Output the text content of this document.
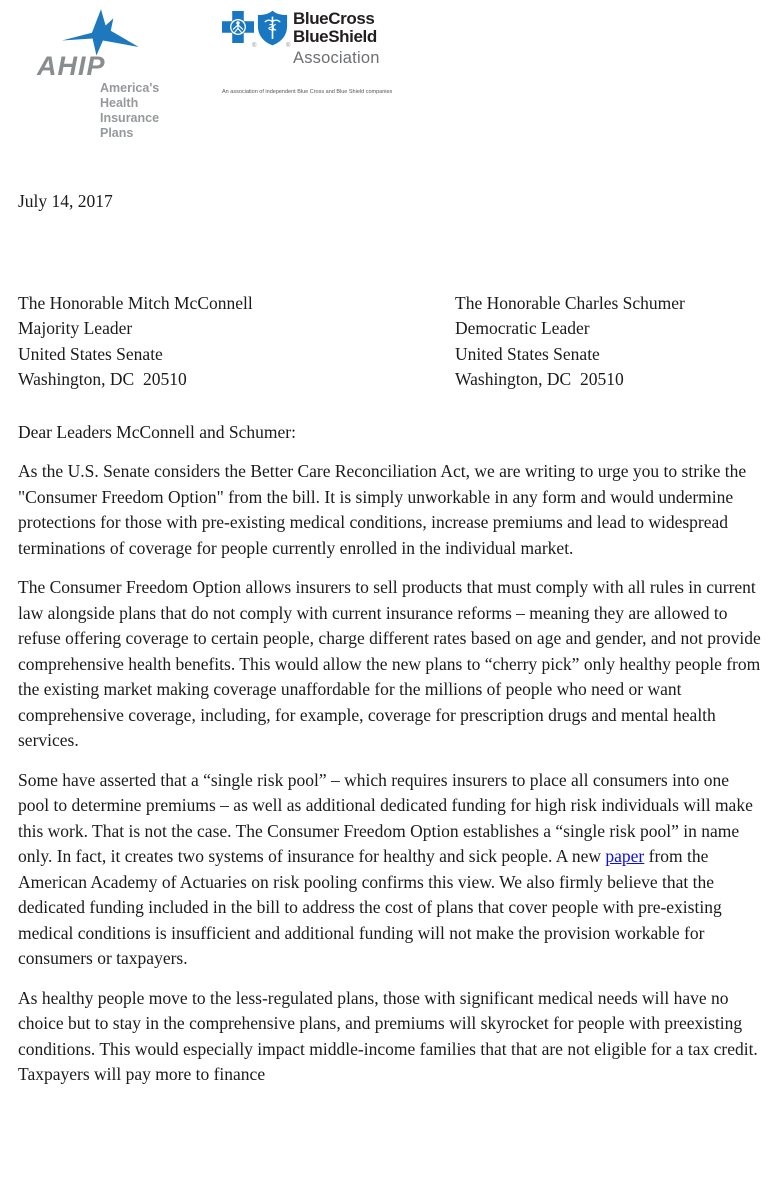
AHIP
America's Health
Insurance Plans
®	®
BlueCross
BlueShield
Association
An association of independent Blue Cross and Blue Shield companies
July 14, 2017
The Honorable Mitch McConnell
Majority Leader
United States Senate
Washington, DC  20510
The Honorable Charles Schumer
Democratic Leader
United States Senate
Washington, DC  20510
Dear Leaders McConnell and Schumer:

As the U.S. Senate considers the Better Care Reconciliation Act, we are writing to urge you to strike the "Consumer Freedom Option" from the bill. It is simply unworkable in any form and would undermine protections for those with pre-existing medical conditions, increase premiums and lead to widespread terminations of coverage for people currently enrolled in the individual market.

The Consumer Freedom Option allows insurers to sell products that must comply with all rules in current law alongside plans that do not comply with current insurance reforms – meaning they are allowed to refuse offering coverage to certain people, charge different rates based on age and gender, and not provide comprehensive health benefits. This would allow the new plans to “cherry pick” only healthy people from the existing market making coverage unaffordable for the millions of people who need or want comprehensive coverage, including, for example, coverage for prescription drugs and mental health services.

Some have asserted that a “single risk pool” – which requires insurers to place all consumers into one pool to determine premiums – as well as additional dedicated funding for high risk individuals will make this work. That is not the case. The Consumer Freedom Option establishes a “single risk pool” in name only. In fact, it creates two systems of insurance for healthy and sick people. A new paper from the American Academy of Actuaries on risk pooling confirms this view. We also firmly believe that the dedicated funding included in the bill to address the cost of plans that cover people with pre-existing medical conditions is insufficient and additional funding will not make the provision workable for consumers or taxpayers.

As healthy people move to the less-regulated plans, those with significant medical needs will have no choice but to stay in the comprehensive plans, and premiums will skyrocket for people with preexisting conditions. This would especially impact middle-income families that that are not eligible for a tax credit. Taxpayers will pay more to finance
